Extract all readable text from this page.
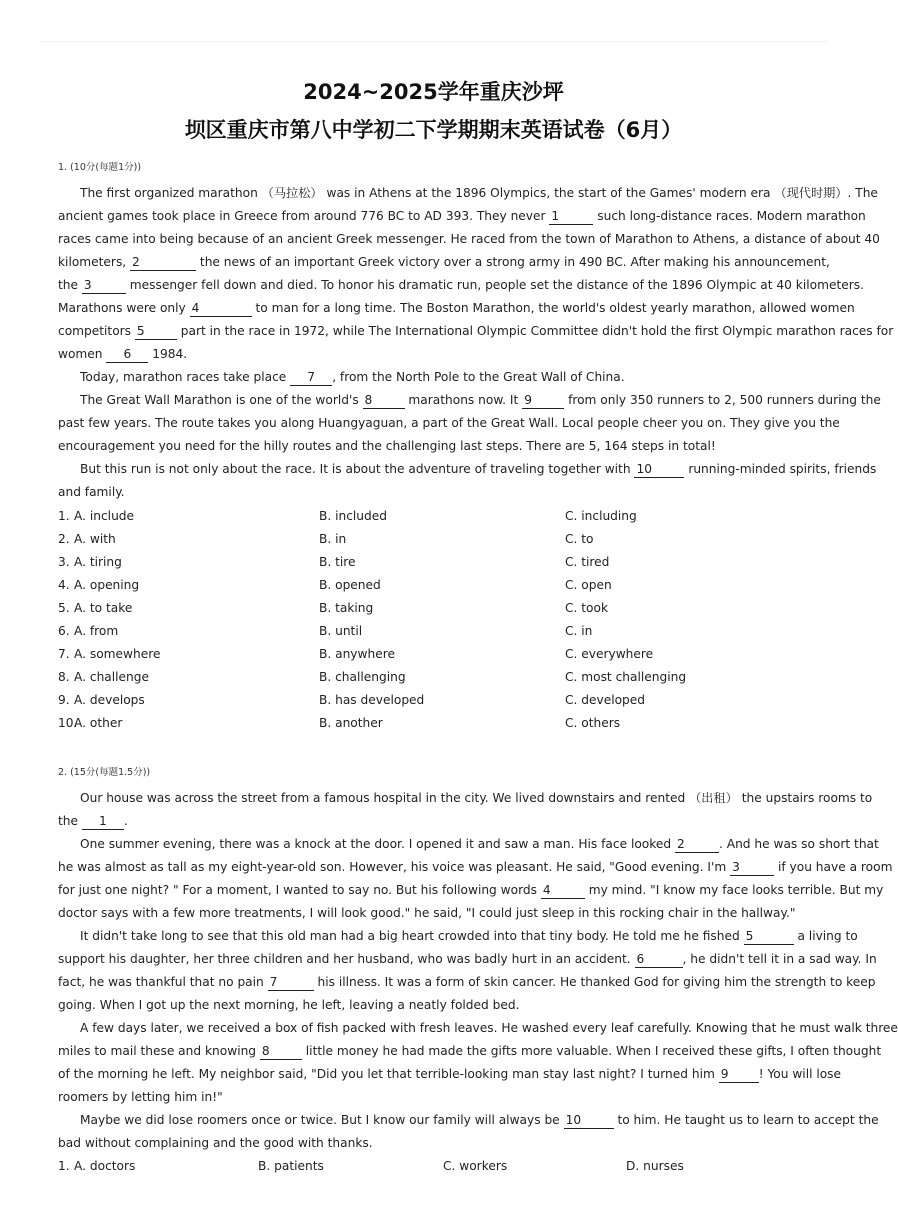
2024~2025学年重庆沙坪
坝区重庆市第八中学初二下学期期末英语试卷（6月）
1. (10分(每题1分))
The first organized marathon （马拉松） was in Athens at the 1896 Olympics, the start of the Games' modern era （现代时期）. The
ancient games took place in Greece from around 776 BC to AD 393. They never 1	such long-distance races. Modern marathon
races came into being because of an ancient Greek messenger. He raced from the town of Marathon to Athens, a distance of about 40
kilometers, 2	the news of an important Greek victory over a strong army in 490 BC. After making his announcement,
the 3	messenger fell down and died. To honor his dramatic run, people set the distance of the 1896 Olympic at 40 kilometers.
Marathons were only 4	to man for a long time. The Boston Marathon, the world's oldest yearly marathon, allowed women
competitors 5	part in the race in 1972, while The International Olympic Committee didn't hold the first Olympic marathon races for
women 6 1984.
Today, marathon races take place 7 , from the North Pole to the Great Wall of China.
The Great Wall Marathon is one of the world's 8	marathons now. It 9	from only 350 runners to 2, 500 runners during the
past few years. The route takes you along Huangyaguan, a part of the Great Wall. Local people cheer you on. They give you the
encouragement you need for the hilly routes and the challenging last steps. There are 5, 164 steps in total!
But this run is not only about the race. It is about the adventure of traveling together with 10	running-minded spirits, friends
and family.
1. A. include	B. included	C. including
2. A. with	B. in	C. to
3. A. tiring	B. tire	C. tired
4. A. opening	B. opened	C. open
5. A. to take	B. taking	C. took
6. A. from	B. until	C. in
7. A. somewhere	B. anywhere	C. everywhere
8. A. challenge	B. challenging	C. most challenging
9. A. develops	B. has developed	C. developed
10.
A. other	B. another	C. others
2. (15分(每题1.5分))
Our house was across the street from a famous hospital in the city. We lived downstairs and rented （出租） the upstairs rooms to
the 1 .
One summer evening, there was a knock at the door. I opened it and saw a man. His face looked 2	. And he was so short that
he was almost as tall as my eight-year-old son. However, his voice was pleasant. He said, "Good evening. I'm 3	if you have a room
for just one night? " For a moment, I wanted to say no. But his following words 4	my mind. "I know my face looks terrible. But my
doctor says with a few more treatments, I will look good." he said, "I could just sleep in this rocking chair in the hallway."
It didn't take long to see that this old man had a big heart crowded into that tiny body. He told me he fished 5	a living to
support his daughter, her three children and her husband, who was badly hurt in an accident. 6	, he didn't tell it in a sad way. In
fact, he was thankful that no pain 7	his illness. It was a form of skin cancer. He thanked God for giving him the strength to keep
going. When I got up the next morning, he left, leaving a neatly folded bed.
A few days later, we received a box of fish packed with fresh leaves. He washed every leaf carefully. Knowing that he must walk three
miles to mail these and knowing 8	little money he had made the gifts more valuable. When I received these gifts, I often thought
of the morning he left. My neighbor said, "Did you let that terrible-looking man stay last night? I turned him 9 ! You will lose
roomers by letting him in!"
Maybe we did lose roomers once or twice. But I know our family will always be 10	to him. He taught us to learn to accept the
bad without complaining and the good with thanks.
1. A. doctors	B. patients	C. workers	D. nurses
